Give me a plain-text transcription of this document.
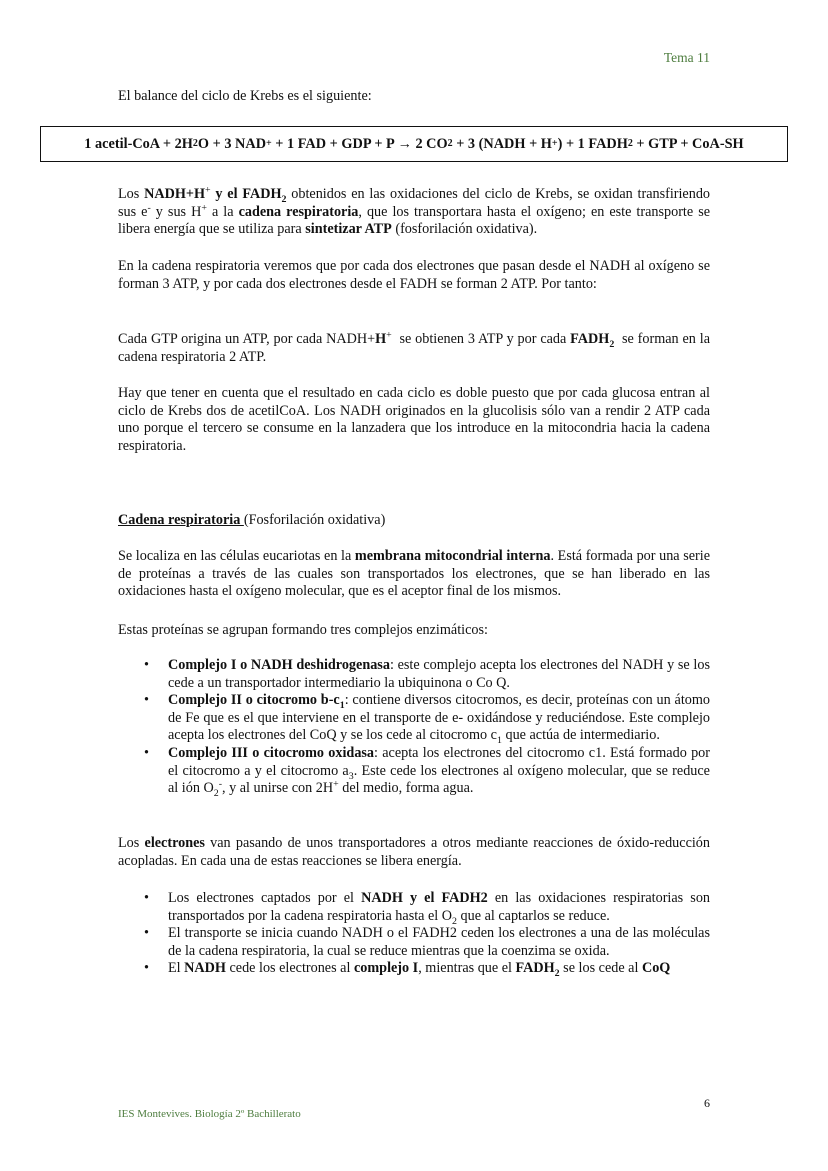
Tema 11
El balance del ciclo de Krebs es el siguiente:
1 acetil-CoA + 2H 2 O + 3 NAD + + 1 FAD + GDP + P → 2 CO 2 + 3 (NADH + H + ) + 1 FADH 2 + GTP + CoA-SH

Los NADH+H+ y el $FADH_2$ obtenidos en las oxidaciones del ciclo de Krebs, se oxidan transfiriendo sus e- y sus H+ a la cadena respiratoria, que los transportara hasta el oxígeno; en este transporte se libera energía que se utiliza para sintetizar ATP (fosforilación oxidativa).

En la cadena respiratoria veremos que por cada dos electrones que pasan desde el NADH al oxígeno se forman 3 ATP, y por cada dos electrones desde el FADH se forman 2 ATP. Por tanto:

Cada GTP origina un ATP, por cada NADH+H+  se obtienen 3 ATP y por cada $FADH_2$  se forman en la cadena respiratoria 2 ATP.

Hay que tener en cuenta que el resultado en cada ciclo es doble puesto que por cada glucosa entran al ciclo de Krebs dos de acetilCoA. Los NADH originados en la glucolisis sólo van a rendir 2 ATP cada uno porque el tercero se consume en la lanzadera que los introduce en la mitocondria hacia la cadena respiratoria.

Cadena respiratoria (Fosforilación oxidativa)

Se localiza en las células eucariotas en la membrana mitocondrial interna. Está formada por una serie de proteínas a través de las cuales son transportados los electrones, que se han liberado en las oxidaciones hasta el oxígeno molecular, que es el aceptor final de los mismos.

Estas proteínas se agrupan formando tres complejos enzimáticos:

• Complejo I o NADH deshidrogenasa: este complejo acepta los electrones del NADH y se los cede a un transportador intermediario la ubiquinona o Co Q.
• Complejo II o citocromo $b-c_1$: contiene diversos citocromos, es decir, proteínas con un átomo de Fe que es el que interviene en el transporte de e- oxidándose y reduciéndose. Este complejo acepta los electrones del CoQ y se los cede al citocromo $c_1$ que actúa de intermediario.
• Complejo III o citocromo oxidasa: acepta los electrones del citocromo c1. Está formado por el citocromo a y el citocromo $a_3$. Este cede los electrones al oxígeno molecular, que se reduce al ión $O_2^-$, y al unirse con 2H+ del medio, forma agua.

Los electrones van pasando de unos transportadores a otros mediante reacciones de óxido-reducción acopladas. En cada una de estas reacciones se libera energía.

• Los electrones captados por el NADH y el FADH2 en las oxidaciones respiratorias son transportados por la cadena respiratoria hasta el $O_2$ que al captarlos se reduce.
• El transporte se inicia cuando NADH o el FADH2 ceden los electrones a una de las moléculas de la cadena respiratoria, la cual se reduce mientras que la coenzima se oxida.
• El NADH cede los electrones al complejo I, mientras que el $FADH_2$ se los cede al CoQ
6
IES Montevives. Biología 2º Bachillerato
